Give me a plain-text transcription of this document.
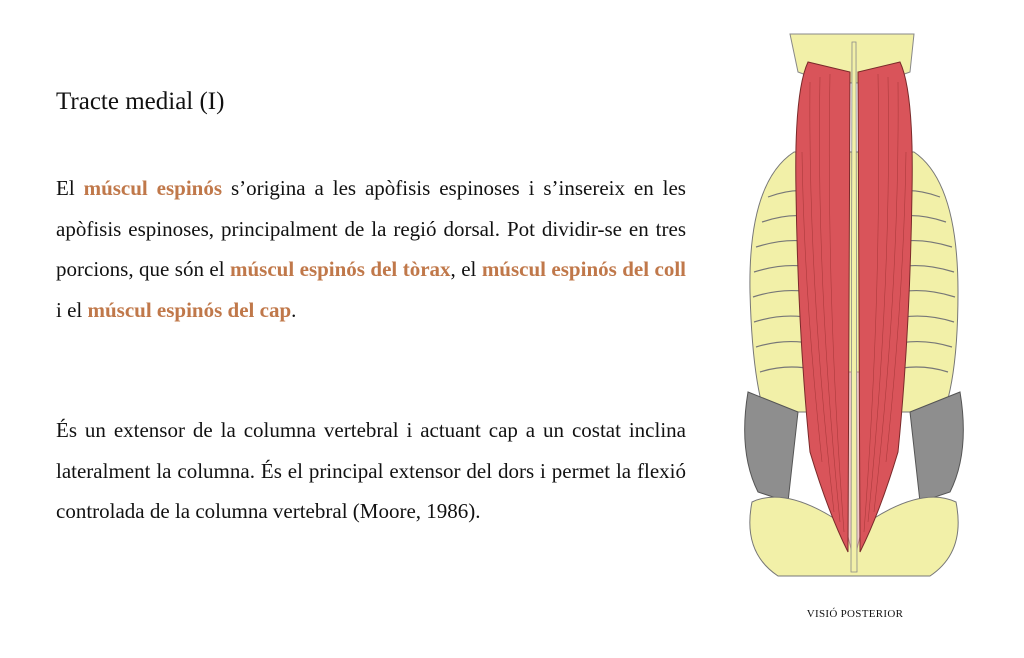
Tracte medial (I)

El múscul espinós s’origina a les apòfisis espinoses i s’insereix en les apòfisis espinoses, principalment de la regió dorsal. Pot dividir-se en tres porcions, que són el múscul espinós del tòrax, el múscul espinós del coll i el múscul espinós del cap.

És un extensor de la columna vertebral i actuant cap a un costat inclina lateralment la columna. És el principal extensor del dors i permet la flexió controlada de la columna vertebral (Moore, 1986).

VISIÓ POSTERIOR
